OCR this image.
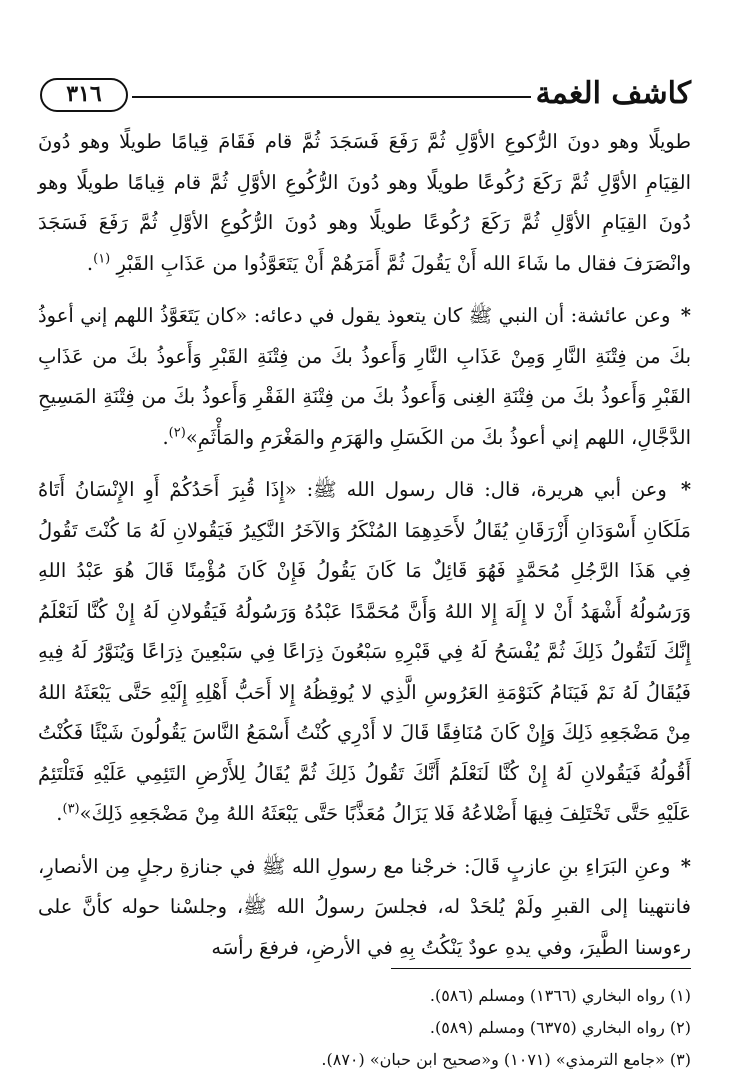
كاشف الغمة
٣١٦

طويلًا وهو دونَ الرُّكوعِ الأوَّلِ ثُمَّ رَفَعَ فَسَجَدَ ثُمَّ قام فَقَامَ قِيامًا طويلًا وهو دُونَ القِيَامِ الأوَّلِ ثُمَّ رَكَعَ رُكُوعًا طويلًا وهو دُونَ الرُّكُوعِ الأوَّلِ ثُمَّ قام قِيامًا طويلًا وهو دُونَ القِيَامِ الأوَّلِ ثُمَّ رَكَعَ رُكُوعًا طويلًا وهو دُونَ الرُّكُوعِ الأوَّلِ ثُمَّ رَفَعَ فَسَجَدَ وانْصَرَفَ فقال ما شَاءَ الله أَنْ يَقُولَ ثُمَّ أَمَرَهُمْ أَنْ يَتَعَوَّذُوا من عَذَابِ القَبْرِ $^{(١)}$.

* وعن عائشة: أن النبي ﷺ كان يتعوذ يقول في دعائه: «كان يَتَعَوَّذُ اللهم إني أعوذُ بكَ من فِتْنَةِ النَّارِ وَمِنْ عَذَابِ النَّارِ وَأَعوذُ بكَ من فِتْنَةِ القَبْرِ وَأَعوذُ بكَ من عَذَابِ القَبْرِ وَأَعوذُ بكَ من فِتْنَةِ الغِنى وَأَعوذُ بكَ من فِتْنَةِ الفَقْرِ وَأَعوذُ بكَ من فِتْنَةِ المَسِيحِ الدَّجَّالِ، اللهم إني أعوذُ بكَ من الكَسَلِ والهَرَمِ والمَغْرَمِ والمَأْثَمِ»$^{(٢)}$.

* وعن أبي هريرة، قال: قال رسول الله ﷺ: «إِذَا قُبِرَ أَحَدُكُمْ أَوِ الإِنْسَانُ أَتَاهُ مَلَكَانِ أَسْوَدَانِ أَزْرَقَانِ يُقَالُ لأَحَدِهِمَا المُنْكَرُ وَالآخَرُ النَّكِيرُ فَيَقُولانِ لَهُ مَا كُنْتَ تَقُولُ فِي هَذَا الرَّجُلِ مُحَمَّدٍ فَهُوَ قَائِلٌ مَا كَانَ يَقُولُ فَإِنْ كَانَ مُؤْمِنًا قَالَ هُوَ عَبْدُ اللهِ وَرَسُولُهُ أَشْهَدُ أَنْ لا إِلَهَ إِلا اللهُ وَأَنَّ مُحَمَّدًا عَبْدُهُ وَرَسُولُهُ فَيَقُولانِ لَهُ إِنْ كُنَّا لَنَعْلَمُ إِنَّكَ لَتَقُولُ ذَلِكَ ثُمَّ يُفْسَحُ لَهُ فِي قَبْرِهِ سَبْعُونَ ذِرَاعًا فِي سَبْعِينَ ذِرَاعًا وَيُنَوَّرُ لَهُ فِيهِ فَيُقَالُ لَهُ نَمْ فَيَنَامُ كَنَوْمَةِ العَرُوسِ الَّذِي لا يُوقِظُهُ إِلا أَحَبُّ أَهْلِهِ إِلَيْهِ حَتَّى يَبْعَثَهُ اللهُ مِنْ مَضْجَعِهِ ذَلِكَ وَإِنْ كَانَ مُنَافِقًا قَالَ لا أَدْرِي كُنْتُ أَسْمَعُ النَّاسَ يَقُولُونَ شَيْئًا فَكُنْتُ أَقُولُهُ فَيَقُولانِ لَهُ إِنْ كُنَّا لَنَعْلَمُ أَنَّكَ تَقُولُ ذَلِكَ ثُمَّ يُقَالُ لِلأَرْضِ التَئِمِي عَلَيْهِ فَتَلْتَئِمُ عَلَيْهِ حَتَّى تَخْتَلِفَ فِيهَا أَضْلاعُهُ فَلا يَزَالُ مُعَذَّبًا حَتَّى يَبْعَثَهُ اللهُ مِنْ مَضْجَعِهِ ذَلِكَ»$^{(٣)}$.

* وعنِ البَرَاءِ بنِ عازبٍ قَالَ: خرجْنا مع رسولِ الله ﷺ في جنازةِ رجلٍ مِن الأنصارِ، فانتهينا إلى القبرِ ولَمْ يُلحَدْ له، فجلسَ رسولُ الله ﷺ، وجلسْنا حوله كأنَّ على رءوسنا الطَّيرَ، وفي يدهِ عودٌ يَنْكُتُ بِهِ في الأرضِ، فرفعَ رأسَه

(١) رواه البخاري (١٣٦٦) ومسلم (٥٨٦).
(٢) رواه البخاري (٦٣٧٥) ومسلم (٥٨٩).
(٣) «جامع الترمذي» (١٠٧١) و«صحيح ابن حبان» (٨٧٠).
